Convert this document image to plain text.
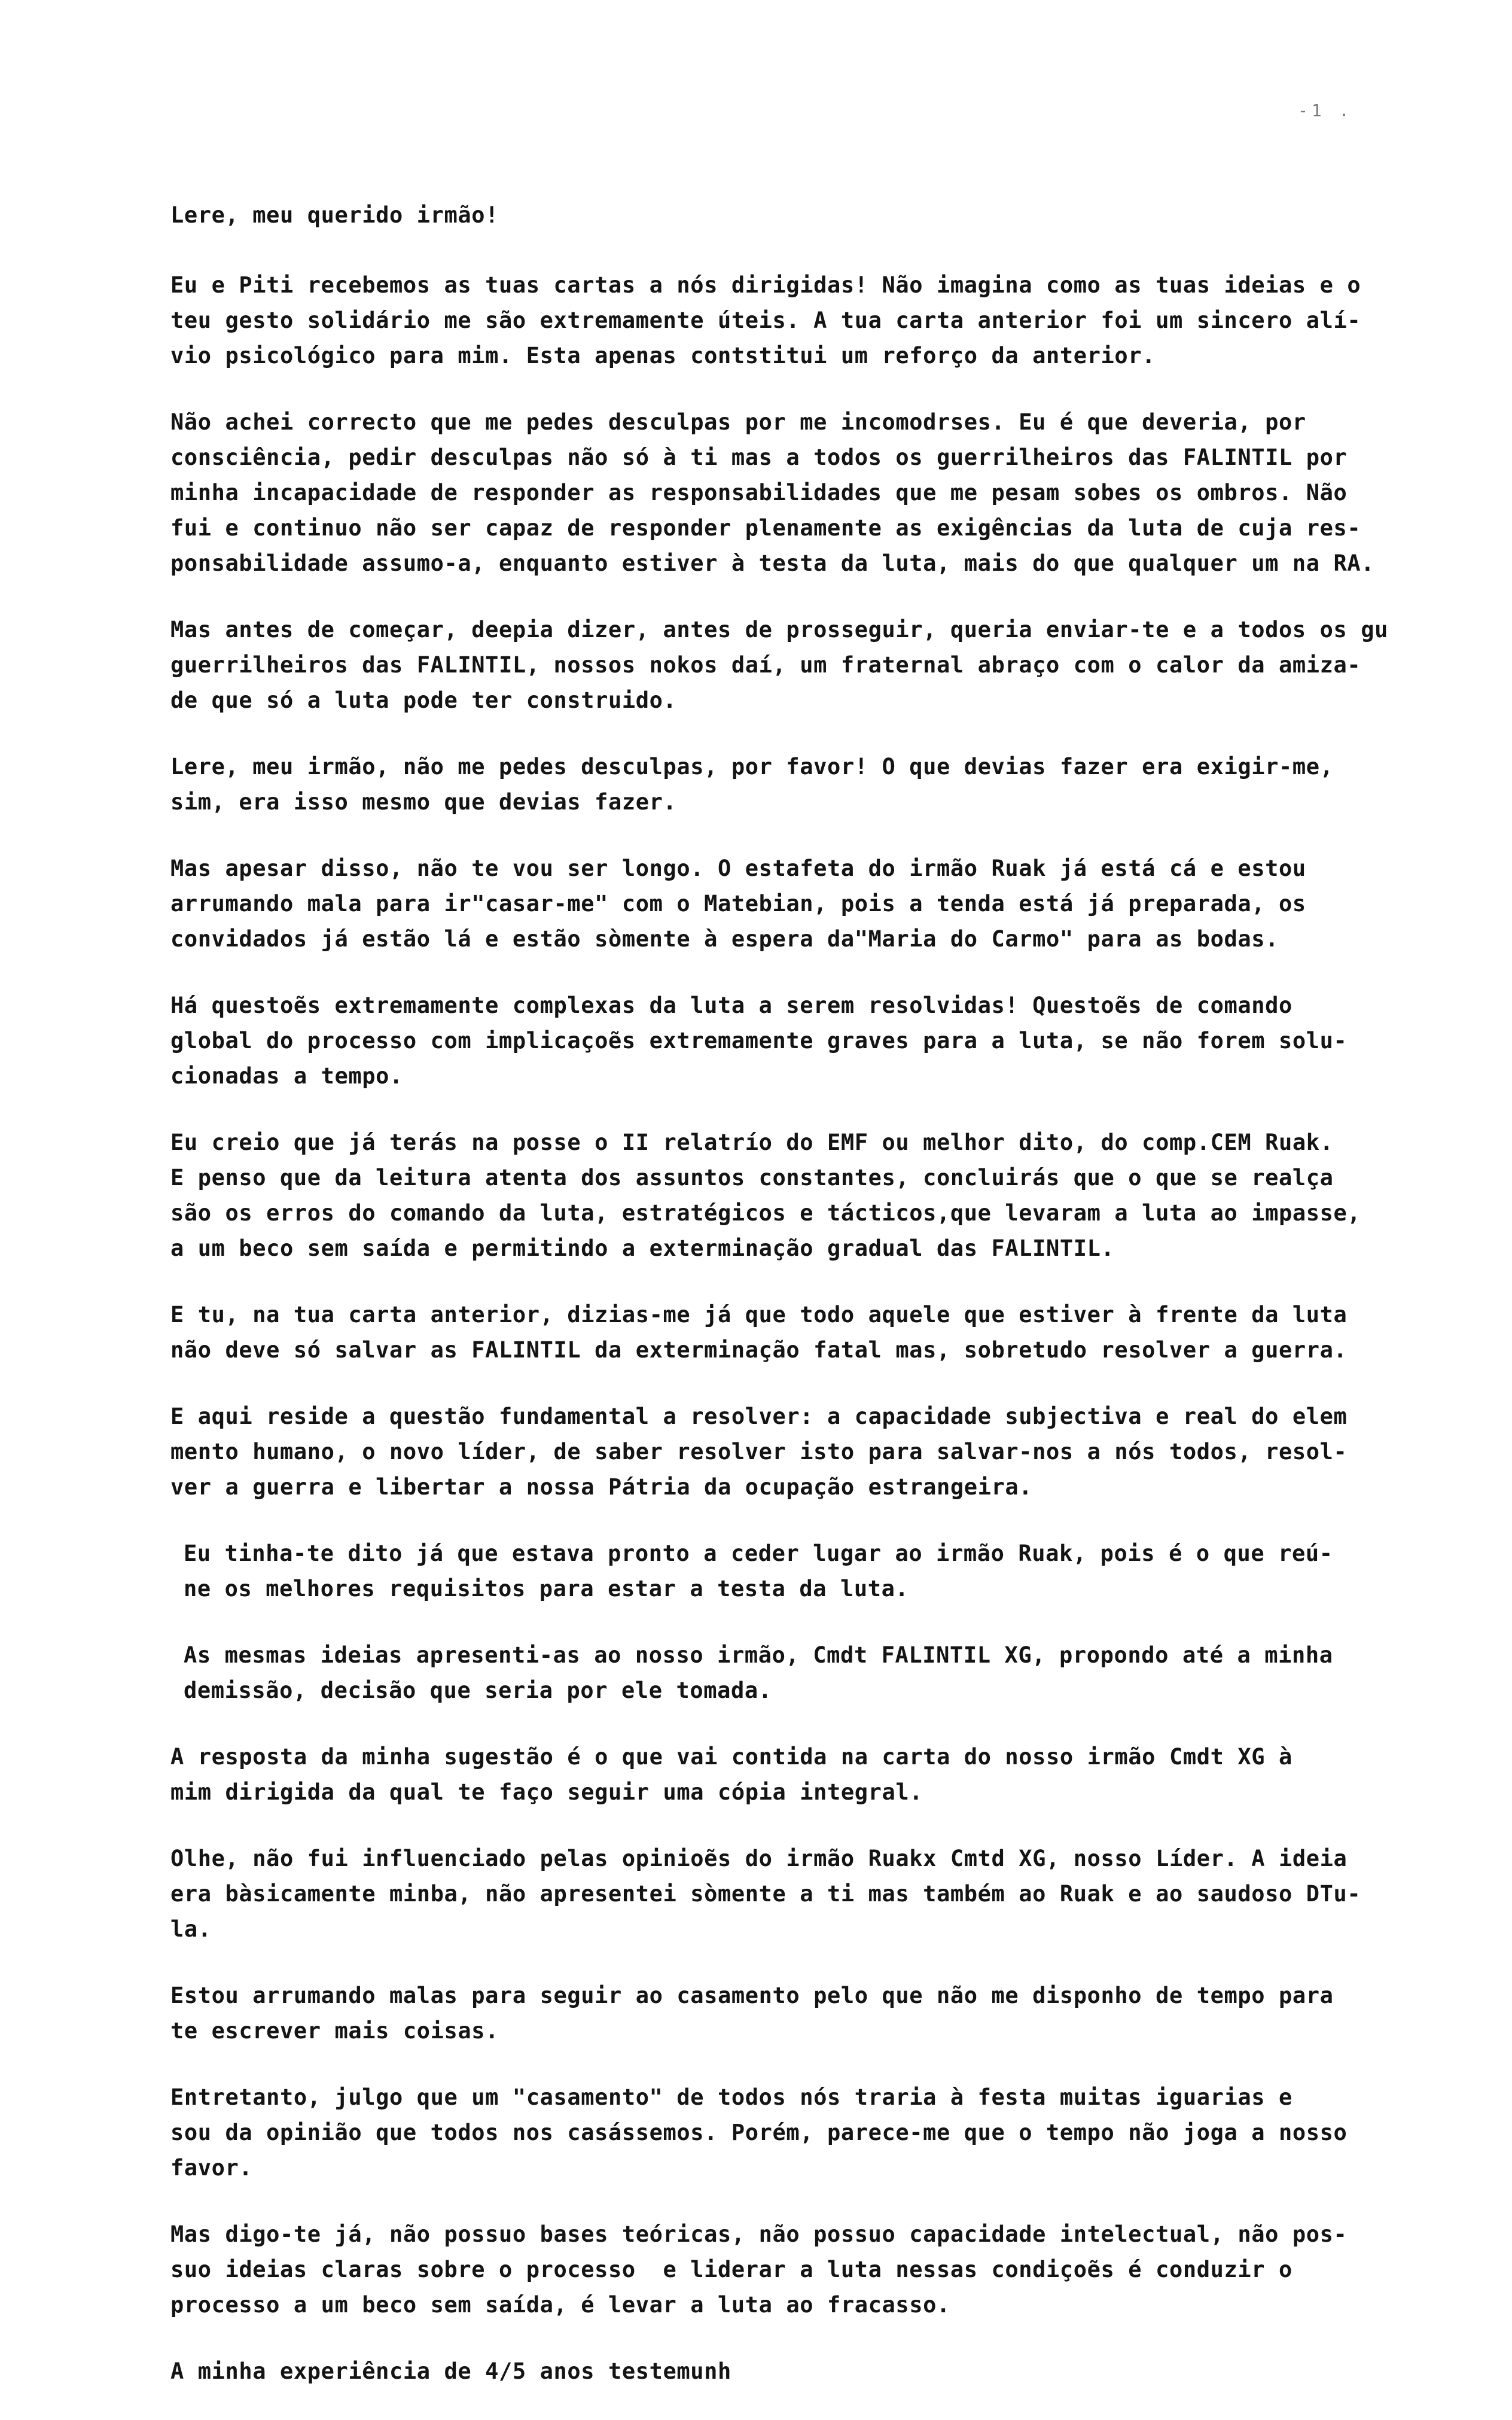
-1 .
Lere, meu querido irmão!
Eu e Piti recebemos as tuas cartas a nós dirigidas! Não imagina como as tuas ideias e o
teu gesto solidário me são extremamente úteis. A tua carta anterior foi um sincero alí-
vio psicológico para mim. Esta apenas contstitui um reforço da anterior.
Não achei correcto que me pedes desculpas por me incomodrses. Eu é que deveria, por
consciência, pedir desculpas não só à ti mas a todos os guerrilheiros das FALINTIL por
minha incapacidade de responder as responsabilidades que me pesam sobes os ombros. Não
fui e continuo não ser capaz de responder plenamente as exigências da luta de cuja res-
ponsabilidade assumo-a, enquanto estiver à testa da luta, mais do que qualquer um na RA.
Mas antes de começar, deepia dizer, antes de prosseguir, queria enviar-te e a todos os gu
guerrilheiros das FALINTIL, nossos nokos daí, um fraternal abraço com o calor da amiza-
de que só a luta pode ter construido.
Lere, meu irmão, não me pedes desculpas, por favor! O que devias fazer era exigir-me,
sim, era isso mesmo que devias fazer.
Mas apesar disso, não te vou ser longo. O estafeta do irmão Ruak já está cá e estou
arrumando mala para ir"casar-me" com o Matebian, pois a tenda está já preparada, os
convidados já estão lá e estão sòmente à espera da"Maria do Carmo" para as bodas.
Há questoẽs extremamente complexas da luta a serem resolvidas! Questoẽs de comando
global do processo com implicaçoẽs extremamente graves para a luta, se não forem solu-
cionadas a tempo.
Eu creio que já terás na posse o II relatrío do EMF ou melhor dito, do comp.CEM Ruak.
E penso que da leitura atenta dos assuntos constantes, concluirás que o que se realça
são os erros do comando da luta, estratégicos e tácticos,que levaram a luta ao impasse,
a um beco sem saída e permitindo a exterminação gradual das FALINTIL.
E tu, na tua carta anterior, dizias-me já que todo aquele que estiver à frente da luta
não deve só salvar as FALINTIL da exterminação fatal mas, sobretudo resolver a guerra.
E aqui reside a questão fundamental a resolver: a capacidade subjectiva e real do elem
mento humano, o novo líder, de saber resolver isto para salvar-nos a nós todos, resol-
ver a guerra e libertar a nossa Pátria da ocupação estrangeira.
Eu tinha-te dito já que estava pronto a ceder lugar ao irmão Ruak, pois é o que reú-
ne os melhores requisitos para estar a testa da luta.
As mesmas ideias apresenti-as ao nosso irmão, Cmdt FALINTIL XG, propondo até a minha
demissão, decisão que seria por ele tomada.
A resposta da minha sugestão é o que vai contida na carta do nosso irmão Cmdt XG à
mim dirigida da qual te faço seguir uma cópia integral.
Olhe, não fui influenciado pelas opinioẽs do irmão Ruakx Cmtd XG, nosso Líder. A ideia
era bàsicamente minba, não apresentei sòmente a ti mas também ao Ruak e ao saudoso DTu-
la.
Estou arrumando malas para seguir ao casamento pelo que não me disponho de tempo para
te escrever mais coisas.
Entretanto, julgo que um "casamento" de todos nós traria à festa muitas iguarias e
sou da opinião que todos nos casássemos. Porém, parece-me que o tempo não joga a nosso
favor.
Mas digo-te já, não possuo bases teóricas, não possuo capacidade intelectual, não pos-
suo ideias claras sobre o processo  e liderar a luta nessas condiçoẽs é conduzir o
processo a um beco sem saída, é levar a luta ao fracasso.
A minha experiência de 4/5 anos testemunh
